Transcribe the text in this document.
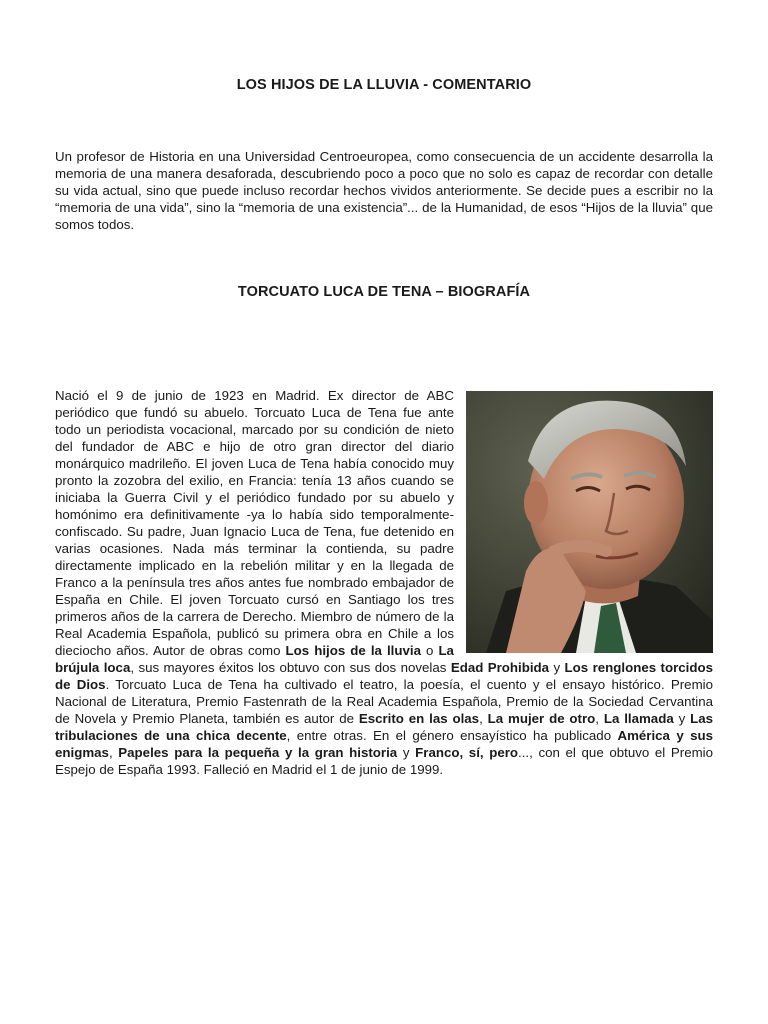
LOS HIJOS DE LA LLUVIA - COMENTARIO

Un profesor de Historia en una Universidad Centroeuropea, como consecuencia de un accidente desarrolla la memoria de una manera desaforada, descubriendo poco a poco que no solo es capaz de recordar con detalle su vida actual, sino que puede incluso recordar hechos vividos anteriormente. Se decide pues a escribir no la “memoria de una vida”, sino la “memoria de una existencia”... de la Humanidad, de esos “Hijos de la lluvia” que somos todos.

TORCUATO LUCA DE TENA – BIOGRAFÍA
Nació el 9 de junio de 1923 en Madrid. Ex director de ABC periódico que fundó su abuelo. Torcuato Luca de Tena fue ante todo un periodista vocacional, marcado por su condición de nieto del fundador de ABC e hijo de otro gran director del diario monárquico madrileño. El joven Luca de Tena había conocido muy pronto la zozobra del exilio, en Francia: tenía 13 años cuando se iniciaba la Guerra Civil y el periódico fundado por su abuelo y homónimo era definitivamente -ya lo había sido temporalmente- confiscado. Su padre, Juan Ignacio Luca de Tena, fue detenido en varias ocasiones. Nada más terminar la contienda, su padre directamente implicado en la rebelión militar y en la llegada de Franco a la península tres años antes fue nombrado embajador de España en Chile. El joven Torcuato cursó en Santiago los tres primeros años de la carrera de Derecho. Miembro de número de la Real Academia Española, publicó su primera obra en Chile a los dieciocho años. Autor de obras como Los hijos de la lluvia o La brújula loca, sus mayores éxitos los obtuvo con sus dos novelas Edad Prohibida y Los renglones torcidos de Dios. Torcuato Luca de Tena ha cultivado el teatro, la poesía, el cuento y el ensayo histórico. Premio Nacional de Literatura, Premio Fastenrath de la Real Academia Española, Premio de la Sociedad Cervantina de Novela y Premio Planeta, también es autor de Escrito en las olas, La mujer de otro, La llamada y Las tribulaciones de una chica decente, entre otras. En el género ensayístico ha publicado América y sus enigmas, Papeles para la pequeña y la gran historia y Franco, sí, pero..., con el que obtuvo el Premio Espejo de España 1993. Falleció en Madrid el 1 de junio de 1999.
